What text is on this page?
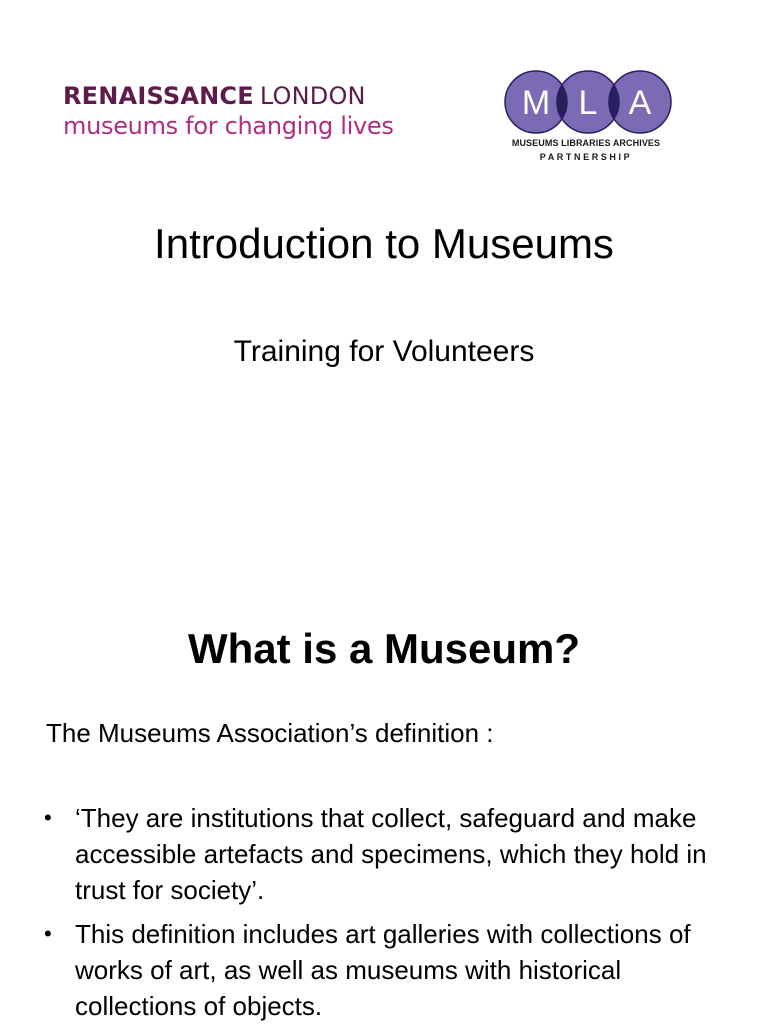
RENAISSANCE LONDON
museums for changing lives
M L A
MUSEUMS LIBRARIES ARCHIVES
PARTNERSHIP
Introduction to Museums
Training for Volunteers
What is a Museum?
The Museums Association’s definition :
• ‘They are institutions that collect, safeguard and make accessible artefacts and specimens, which they hold in trust for society’.
• This definition includes art galleries with collections of works of art, as well as museums with historical collections of objects.
